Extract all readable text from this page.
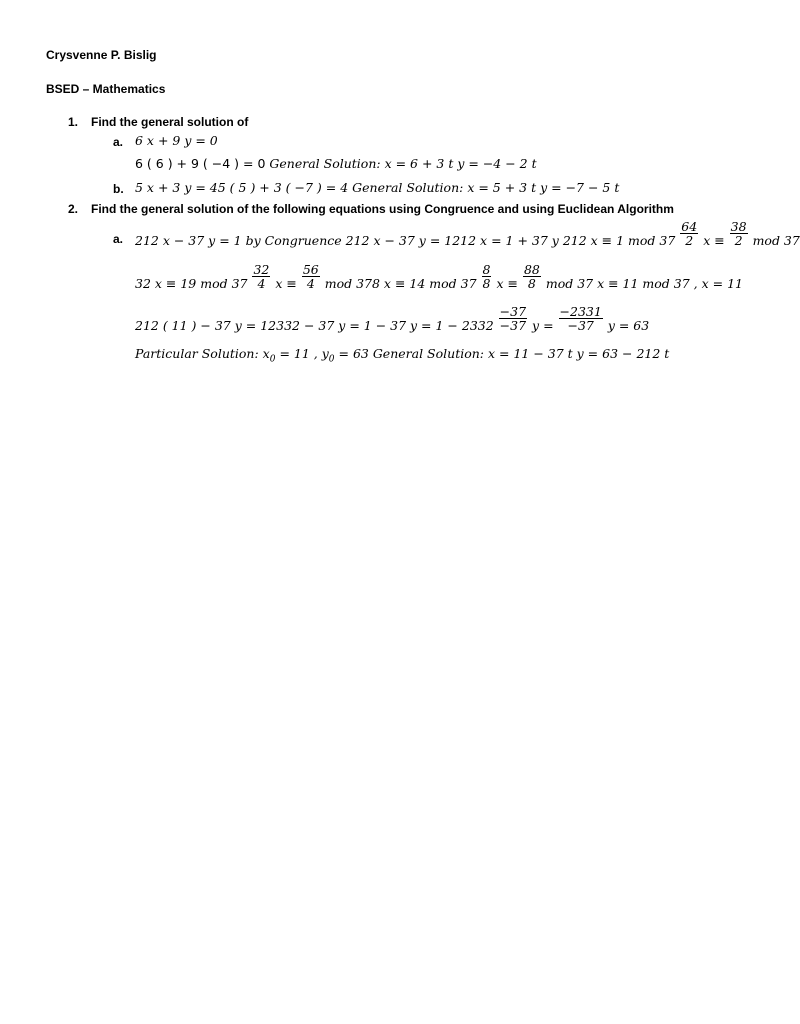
Crysvenne P. Bislig
BSED – Mathematics
1. Find the general solution of
a. 6 x + 9 y = 0
6 ( 6 ) + 9 ( −4 ) = 0 General Solution: x = 6 + 3 t y = −4 − 2 t
b. 5 x + 3 y = 45 ( 5 ) + 3 ( −7 ) = 4 General Solution: x = 5 + 3 t y = −7 − 5 t
2. Find the general solution of the following equations using Congruence and using Euclidean Algorithm
a. 212 x − 37 y = 1 by Congruence 212 x − 37 y = 1212 x = 1 + 37 y 212 x ≡ 1 mod $37 \frac{64}{2}$ $x \equiv \frac{38}{2}$ mod 37
32 x ≡ 19 mod $37 \frac{32}{4}$ $x \equiv \frac{56}{4}$ mod 378 x ≡ 14 mod $37 \frac{8}{8}$ $x \equiv \frac{88}{8}$ mod 37 x ≡ 11 mod 37 , x = 11
212 ( 11 ) − 37 y = 12332 − 37 y = 1 − 37 $y = 1 - 2332 \frac{-37}{-37}$ $y = \frac{-2331}{-37}$ y = 63
Particular Solution: $x_0 = 11$ , $y_0 = 63$ General Solution: x = 11 − 37 t y = 63 − 212 t
